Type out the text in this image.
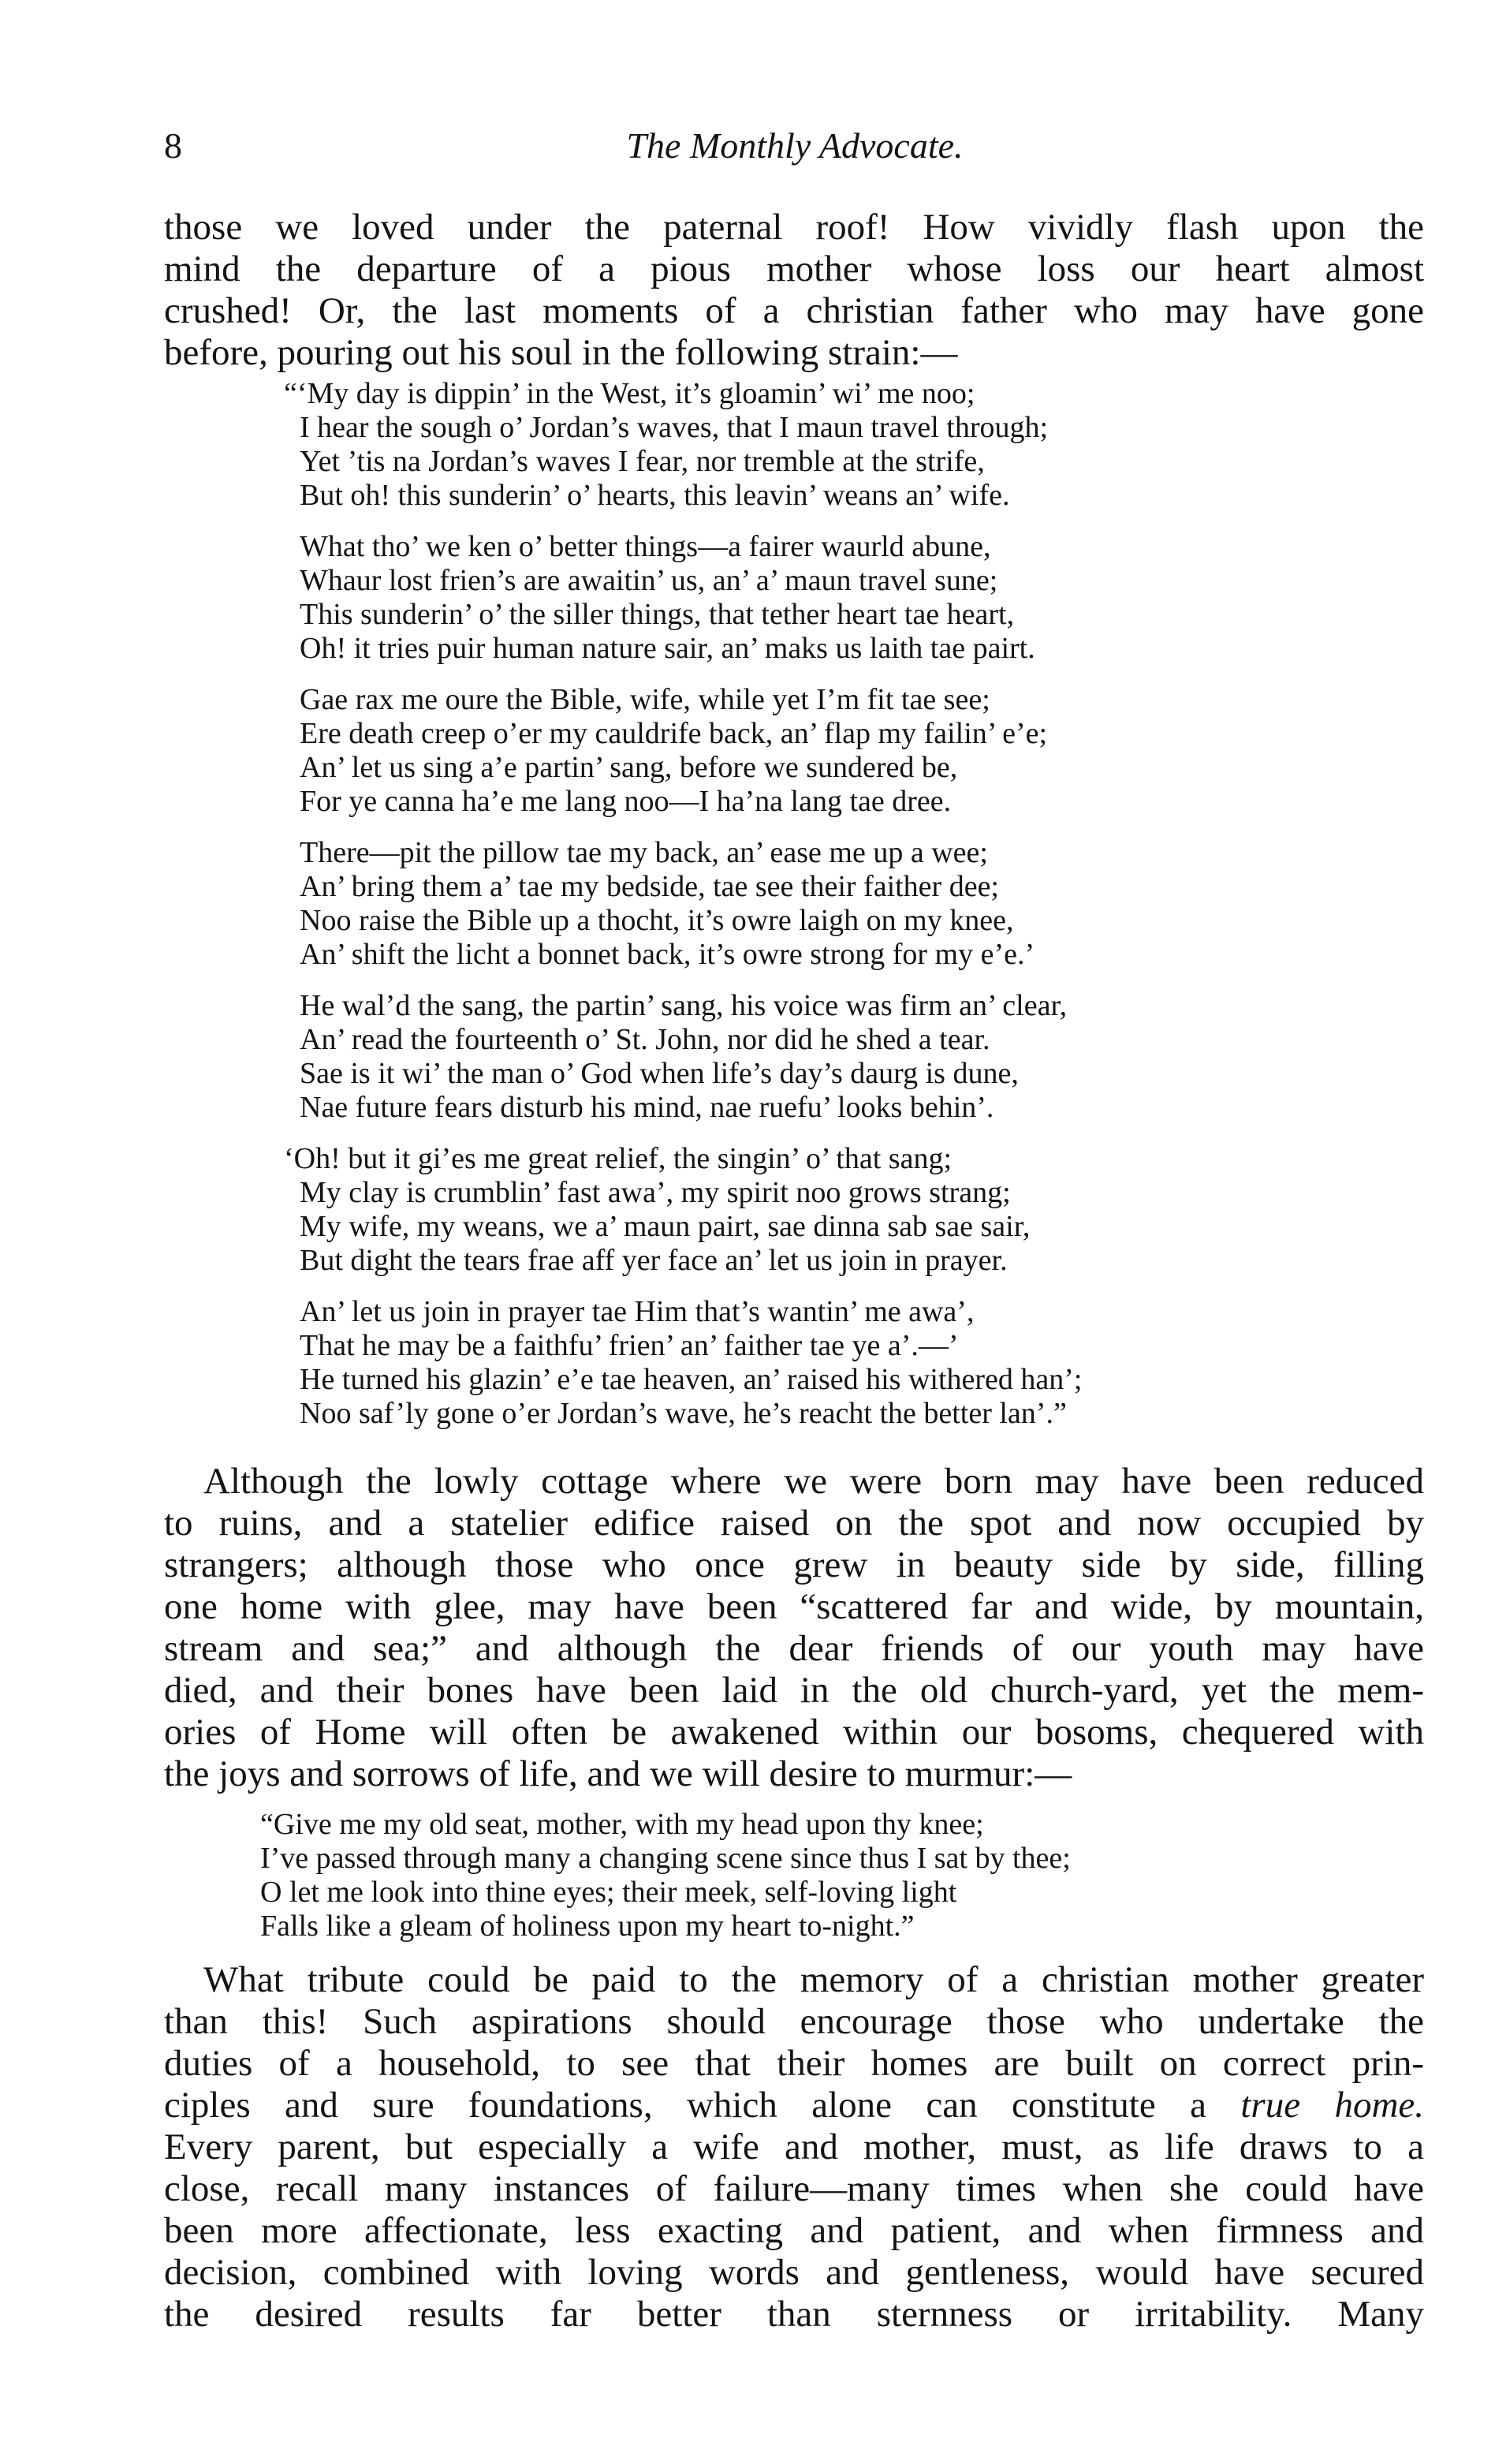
8	The Monthly Advocate.
those we loved under the paternal roof! How vividly flash upon the
mind the departure of a pious mother whose loss our heart almost
crushed! Or, the last moments of a christian father who may have gone
before, pouring out his soul in the following strain:—
“‘My day is dippin’ in the West, it’s gloamin’ wi’ me noo;
I hear the sough o’ Jordan’s waves, that I maun travel through;
Yet ’tis na Jordan’s waves I fear, nor tremble at the strife,
But oh! this sunderin’ o’ hearts, this leavin’ weans an’ wife.
What tho’ we ken o’ better things—a fairer waurld abune,
Whaur lost frien’s are awaitin’ us, an’ a’ maun travel sune;
This sunderin’ o’ the siller things, that tether heart tae heart,
Oh! it tries puir human nature sair, an’ maks us laith tae pairt.
Gae rax me oure the Bible, wife, while yet I’m fit tae see;
Ere death creep o’er my cauldrife back, an’ flap my failin’ e’e;
An’ let us sing a’e partin’ sang, before we sundered be,
For ye canna ha’e me lang noo—I ha’na lang tae dree.
There—pit the pillow tae my back, an’ ease me up a wee;
An’ bring them a’ tae my bedside, tae see their faither dee;
Noo raise the Bible up a thocht, it’s owre laigh on my knee,
An’ shift the licht a bonnet back, it’s owre strong for my e’e.’
He wal’d the sang, the partin’ sang, his voice was firm an’ clear,
An’ read the fourteenth o’ St. John, nor did he shed a tear.
Sae is it wi’ the man o’ God when life’s day’s daurg is dune,
Nae future fears disturb his mind, nae ruefu’ looks behin’.
‘Oh! but it gi’es me great relief, the singin’ o’ that sang;
My clay is crumblin’ fast awa’, my spirit noo grows strang;
My wife, my weans, we a’ maun pairt, sae dinna sab sae sair,
But dight the tears frae aff yer face an’ let us join in prayer.
An’ let us join in prayer tae Him that’s wantin’ me awa’,
That he may be a faithfu’ frien’ an’ faither tae ye a’.—’
He turned his glazin’ e’e tae heaven, an’ raised his withered han’;
Noo saf’ly gone o’er Jordan’s wave, he’s reacht the better lan’.”
Although the lowly cottage where we were born may have been reduced
to ruins, and a statelier edifice raised on the spot and now occupied by
strangers; although those who once grew in beauty side by side, filling
one home with glee, may have been “scattered far and wide, by mountain,
stream and sea;” and although the dear friends of our youth may have
died, and their bones have been laid in the old church-yard, yet the mem-
ories of Home will often be awakened within our bosoms, chequered with
the joys and sorrows of life, and we will desire to murmur:—
“Give me my old seat, mother, with my head upon thy knee;
I’ve passed through many a changing scene since thus I sat by thee;
O let me look into thine eyes; their meek, self-loving light
Falls like a gleam of holiness upon my heart to-night.”
What tribute could be paid to the memory of a christian mother greater
than this! Such aspirations should encourage those who undertake the
duties of a household, to see that their homes are built on correct prin-
ciples and sure foundations, which alone can constitute a true home.
Every parent, but especially a wife and mother, must, as life draws to a
close, recall many instances of failure—many times when she could have
been more affectionate, less exacting and patient, and when firmness and
decision, combined with loving words and gentleness, would have secured
the desired results far better than sternness or irritability. Many
